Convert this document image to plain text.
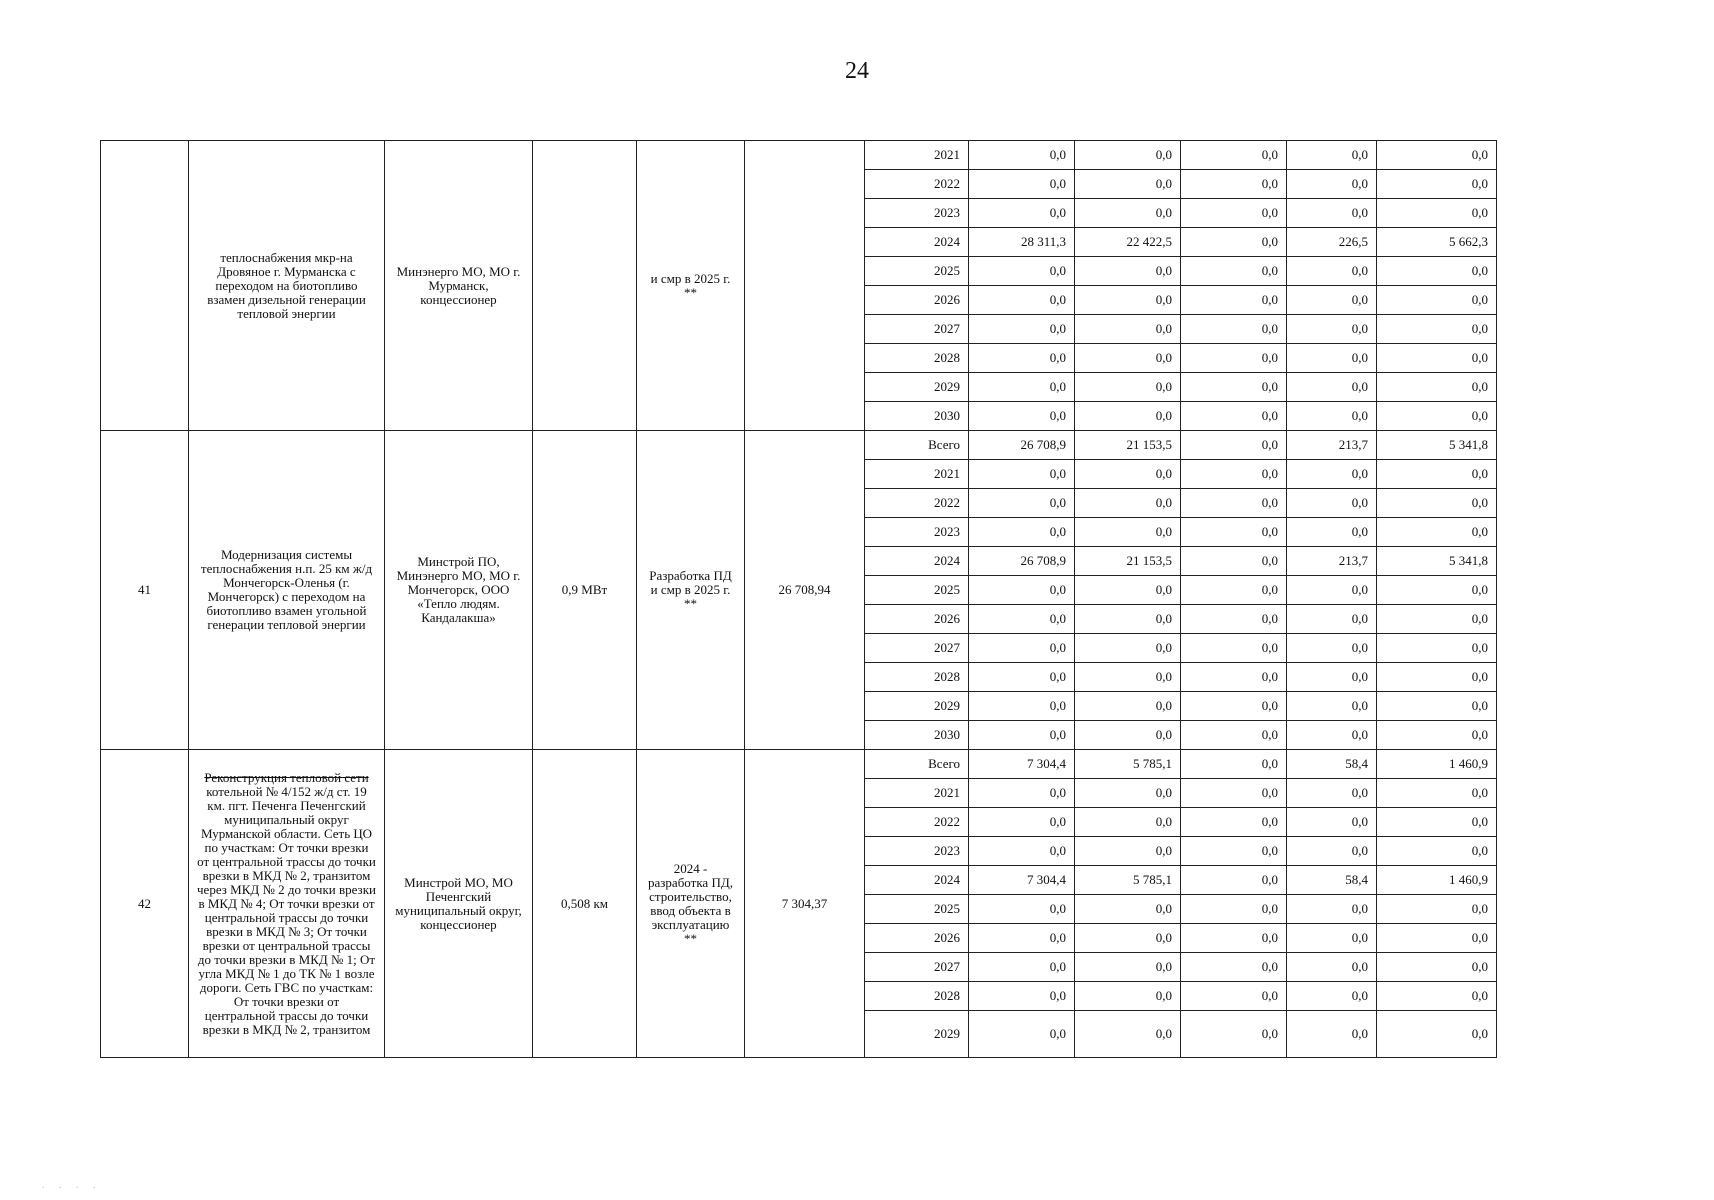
24

	теплоснабжения мкр-на Дровяное г. Мурманска с переходом на биотопливо взамен дизельной генерации тепловой энергии	Минэнерго МО, МО г. Мурманск, концессионер		и смр в 2025 г. **		2021	0,0	0,0	0,0	0,0	0,0
						2022	0,0	0,0	0,0	0,0	0,0
						2023	0,0	0,0	0,0	0,0	0,0
						2024	28 311,3	22 422,5	0,0	226,5	5 662,3
						2025	0,0	0,0	0,0	0,0	0,0
						2026	0,0	0,0	0,0	0,0	0,0
						2027	0,0	0,0	0,0	0,0	0,0
						2028	0,0	0,0	0,0	0,0	0,0
						2029	0,0	0,0	0,0	0,0	0,0
						2030	0,0	0,0	0,0	0,0	0,0
41	Модернизация системы теплоснабжения н.п. 25 км ж/д Мончегорск-Оленья (г. Мончегорск) с переходом на биотопливо взамен угольной генерации тепловой энергии	Минстрой ПО, Минэнерго МО, МО г. Мончегорск, ООО «Тепло людям. Кандалакша»	0,9 МВт	Разработка ПД и смр в 2025 г. **	26 708,94	Всего	26 708,9	21 153,5	0,0	213,7	5 341,8
						2021	0,0	0,0	0,0	0,0	0,0
						2022	0,0	0,0	0,0	0,0	0,0
						2023	0,0	0,0	0,0	0,0	0,0
						2024	26 708,9	21 153,5	0,0	213,7	5 341,8
						2025	0,0	0,0	0,0	0,0	0,0
						2026	0,0	0,0	0,0	0,0	0,0
						2027	0,0	0,0	0,0	0,0	0,0
						2028	0,0	0,0	0,0	0,0	0,0
						2029	0,0	0,0	0,0	0,0	0,0
						2030	0,0	0,0	0,0	0,0	0,0
42	Реконструкция тепловой сети
котельной № 4/152 ж/д ст. 19 км. пгт. Печенга Печенгский муниципальный округ Мурманской области. Сеть ЦО по участкам: От точки врезки от центральной трассы до точки врезки в МКД № 2, транзитом через МКД № 2 до точки врезки в МКД № 4; От точки врезки от центральной трассы до точки врезки в МКД № 3; От точки врезки от центральной трассы до точки врезки в МКД № 1; От угла МКД № 1 до ТК № 1 возле дороги. Сеть ГВС по участкам: От точки врезки от центральной трассы до точки врезки в МКД № 2, транзитом	Минстрой МО, МО Печенгский муниципальный округ, концессионер	0,508 км	2024 - разработка ПД, строительство, ввод объекта в эксплуатацию **	7 304,37	Всего	7 304,4	5 785,1	0,0	58,4	1 460,9
						2021	0,0	0,0	0,0	0,0	0,0
						2022	0,0	0,0	0,0	0,0	0,0
						2023	0,0	0,0	0,0	0,0	0,0
						2024	7 304,4	5 785,1	0,0	58,4	1 460,9
						2025	0,0	0,0	0,0	0,0	0,0
						2026	0,0	0,0	0,0	0,0	0,0
						2027	0,0	0,0	0,0	0,0	0,0
						2028	0,0	0,0	0,0	0,0	0,0
						2029	0,0	0,0	0,0	0,0	0,0
. . . .
